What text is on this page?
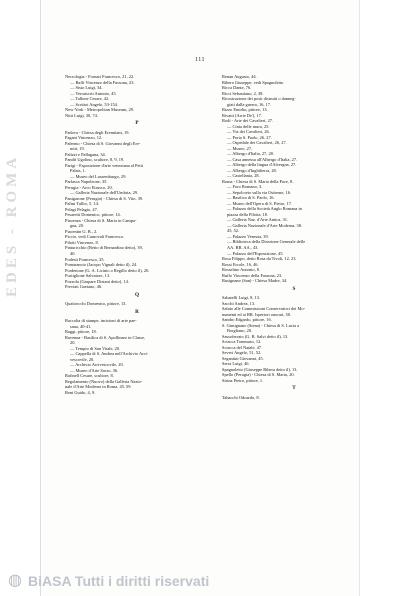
111
Necrologia - Fornari Francesco, 21, 22.
— Raffi Vincenzo della Fassona, 23.
— Sisto Luigi, 34.
— Verratscrti Antonio, 45.
— Tallone Cesare, 42.
— Scrittoi Angelo, 53-154.
New-York - Metropolitan Museum, 29.
Nitti Luigi, 30, 74.
P
Padova - Chiesa degli Eremitani, 19.
Pagani Vincenzo, 12.
Palermo - Chiesa di S. Giovanni degli Ere-
miti, 19.
Palizzi e Pallagana, 34.
Pandit Ugolino, scultore, 8, 9, 19.
Parigi - Esposizione d'arte veneziana al Petit
Palais, 1.
— Museo del Lussemburgo, 29.
Parlasca Napoleone, 35.
Perugia - Arco Etrusco, 20.
— Galleria Nazionale dell'Umbria, 29.
Panigarone (Perugia) - Chiesa di S. Vito, 39.
Palini Tullio, 5, 14.
Pelagi Pelagio, 47.
Pesaretti Domenico, pittore, 14.
Piacenza - Chiesa di S. Maria in Campa-
gna, 20.
Piacentin G. B., 2.
Piccio, vedi Carnovali Francesco.
Pilotti Vincenzo, 8.
Pinturicchio (Betto di Bernardino detto), 39,
40.
Podesti Francesco, 35.
Pomarancio (Jacopo Vignali detto il), 24.
Pordenone (G. A. Licinio o Regillo detto il), 20.
Postiglione Salvatore, 13.
Pozzola (Gaspare Diziani detto), 14.
Previati Gaetano, 46.
Q
Quattrocchi Domenico, pittore, 13.
R
Raccolta di stampe, incisioni di arte pae-
sana, 40-41.
Raggi, pittore, 18.
Ravenna - Basilica di S. Apollinare in Classe,
20.
— Tempio di San Vitale, 20.
— Cappella di S. Andrea nell'Archivio Arci-
vescovile, 20.
— Archivio Arcivescovile, 20.
— Museo d'Arte Sacro, 36.
Rafinell Cesare, scultore, 8.
Regolamento (Nuovo) della Galleria Nazio-
nale d'Arte Moderna in Roma, 45, 59.
Reni Guido, 4, 9.
Renan Augusto, 44.
Ribera Giuseppe, vedi Spagnoletto.
Ricca Dante, 76.
Ricci Sebastiano, 2, 38.
Ricostruzione dei posti distrutti o danneg-
giati dalla guerra, 16, 17.
Rizzo Emidio, pittore, 13.
Rivatti (Arrie De'), 17.
Rodi - Arte dei Cavalieri, 27.
— Cinta delle mura, 25.
— Via dei Cavalieri, 26.
— Porta S. Paolo, 26, 27.
— Ospedale dei Cavalieri, 26, 27.
— Museo, 27.
— Albergo d'Italia, 27, 28.
— Casa annessa all'Albergo d'Italia, 27.
— Albergo della lingua d'Alvergna, 27.
— Albergo d'Inghilterra, 28.
— Castellania, 28.
Roma - Chiesa di S. Maria della Pace, 8.
— Foro Romano, 3.
— Sepolcreto sulla via Ostiense, 16.
— Basilica di S. Paolo, 16.
— Museo dell'Opera di S. Pietro, 17.
— Palazzo della Società Anglo Romana in
piazza della Pilotta, 18.
— Galleria Naz. d'Arte Antica, 31.
— Galleria Nazionale d'Arte Moderna, 38.
45, 52.
— Palazzo Venezia, 39.
— Biblioteca della Direzione Generale delle
AA. BB. AA., 43.
— Palazzo dell'Esposizione, 45.
Rosa Filippo, detto Rosa da Tivoli, 12, 23.
Rossi Ercole, 16, 46.
Rosselino Antonio, 8.
Ruffo Vincenzo della Fassona, 23.
Rusignano (San) - Chiesa Madre, 34.
S
Sabatelli Luigi, 8, 13.
Sacchi Andrea, 13.
Saluto alle Commissioni Conservatrici dei Mo-
numenti ed ai RR. Ispettori onorari, 50.
Sandro Edgardo, pittore, 16.
S. Gimignano (Siena) - Chiesa di S. Lucia a
Borgliano, 20.
Sassoferrato (G. B. Salvi detto il), 13.
Sciacca Tommaso, 12.
Sciacca del Natale, 47.
Severi Angelo, 51, 52.
Segantini Giovanni, 45.
Serra Luigi, 46.
Spagnoletto (Giuseppe Ribera detto il), 13.
Spello (Perugia) - Chiesa di S. Maria, 20.
Strina Pietro, pittore, 1.
T
Tabacchi Odoardo, 8.
EDES - ROMA
◍ BiASA Tutti i diritti riservati
